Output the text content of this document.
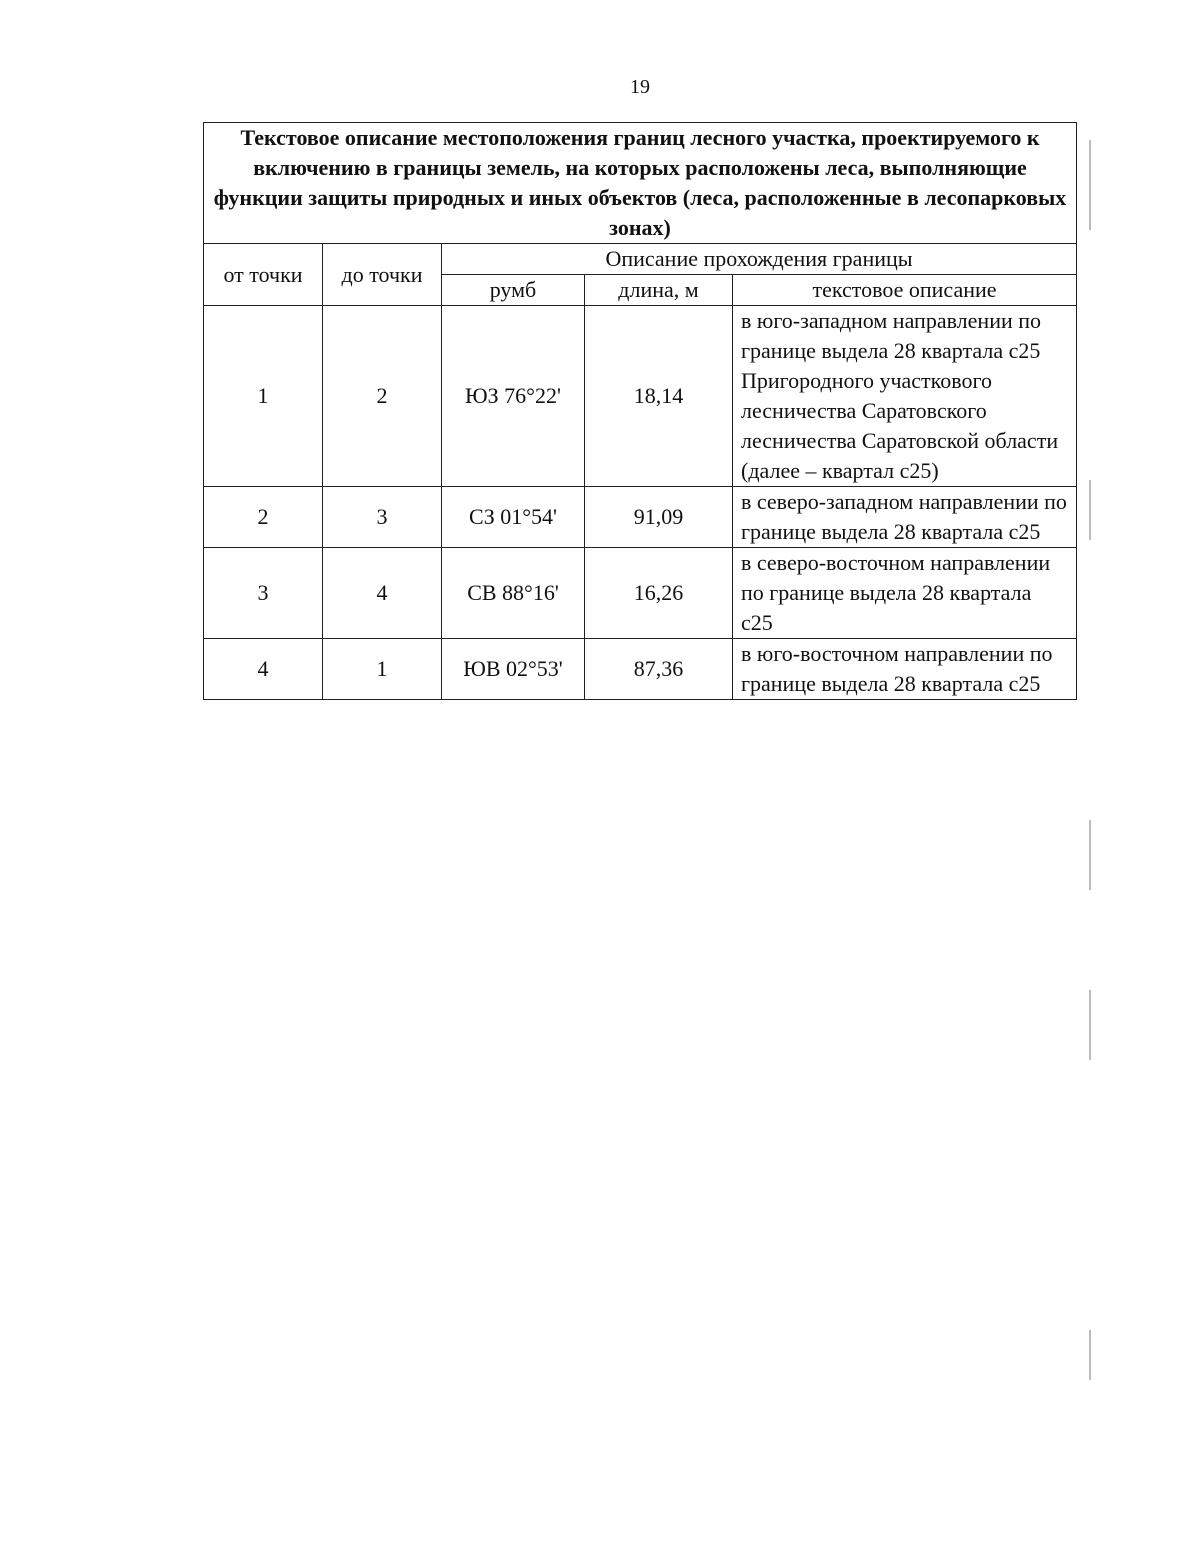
19
Текстовое описание местоположения границ лесного участка, проектируемого к включению в границы земель, на которых расположены леса, выполняющие функции защиты природных и иных объектов (леса, расположенные в лесопарковых зонах)				
от точки	до точки	Описание прохождения границы		
		румб	длина, м	текстовое описание
1	2	ЮЗ 76°22'	18,14	в юго-западном направлении по границе выдела 28 квартала с25 Пригородного участкового лесничества Саратовского лесничества Саратовской области (далее – квартал с25)
2	3	СЗ 01°54'	91,09	в северо-западном направлении по границе выдела 28 квартала с25
3	4	СВ 88°16'	16,26	в северо-восточном направлении по границе выдела 28 квартала с25
4	1	ЮВ 02°53'	87,36	в юго-восточном направлении по границе выдела 28 квартала с25
